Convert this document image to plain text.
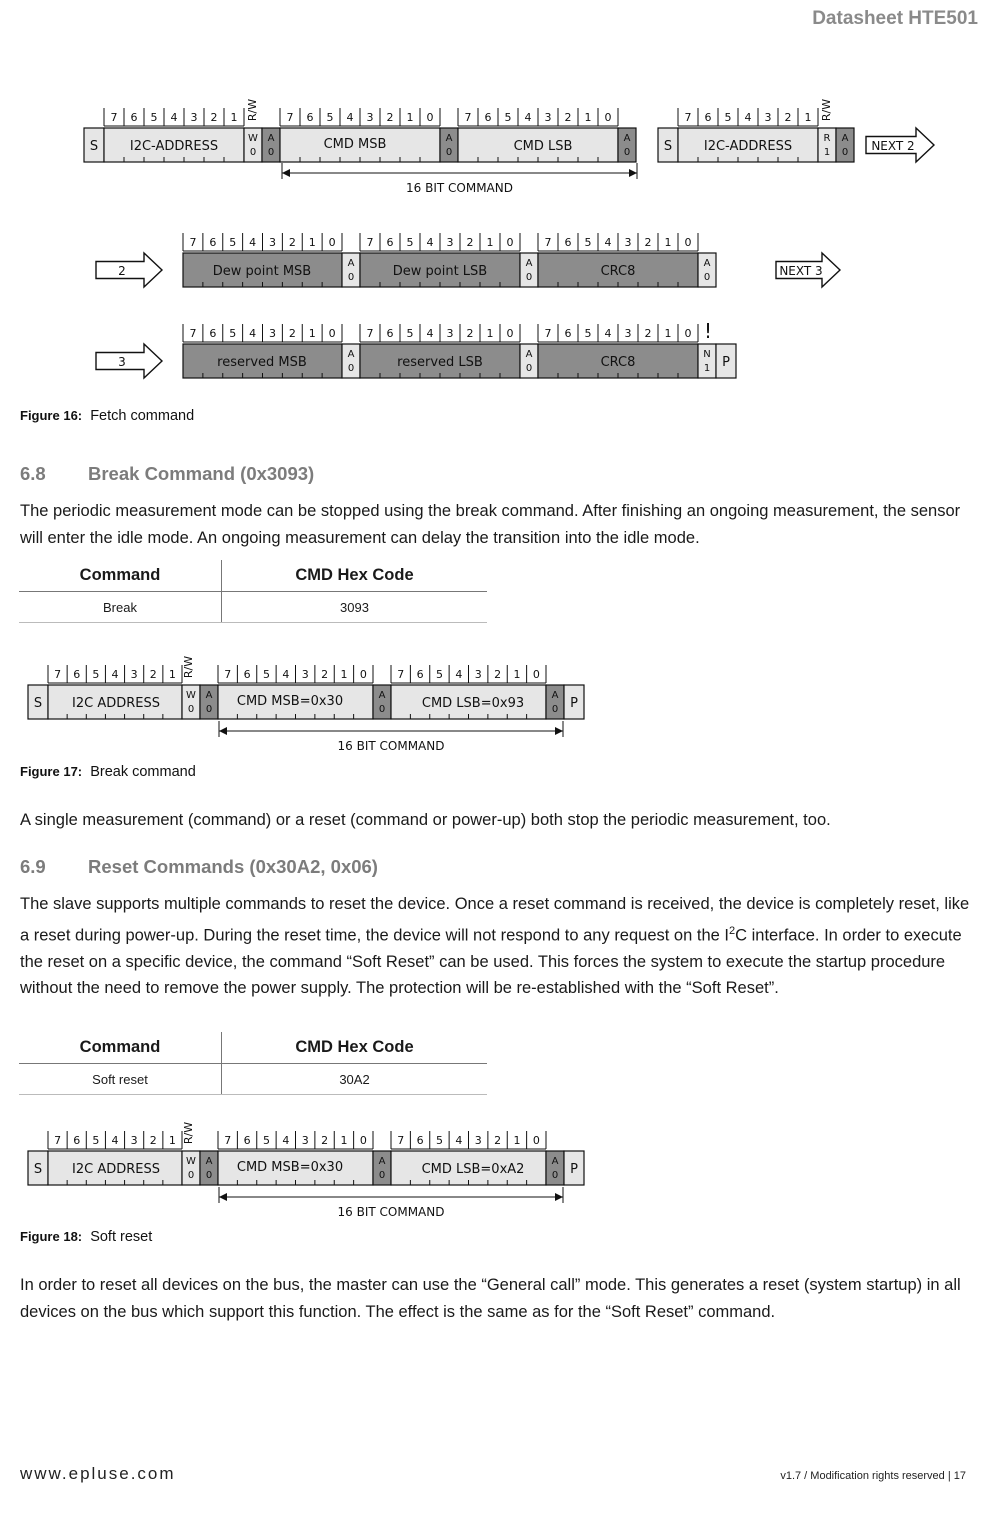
Datasheet HTE501
S I2C-ADDRESS
7 6 5 4 3 2 1 R/W
W
0
A
0
CMD MSB
7 6 5 4 3 2 1 0
A
0	CMD LSB
7 6 5 4 3 2 1 0
A
0	S I2C-ADDRESS
7 6 5 4 3 2 1 R/W
R
1
A
0 NEXT 2
16 BIT COMMAND
2	Dew point MSB
7 6 5 4 3 2 1 0
A
0	Dew point LSB
7 6 5 4 3 2 1 0
A
0	CRC8
7 6 5 4 3 2 1 0
A
0	NEXT 3
3	reserved MSB
7 6 5 4 3 2 1 0
A
0	reserved LSB
7 6 5 4 3 2 1 0
A
0	CRC8
7 6 5 4 3 2 1 0
N
1 P
!
Figure 16: Fetch command
6.8 Break Command (0x3093)
The periodic measurement mode can be stopped using the break command. After finishing an ongoing measurement, the sensor will enter the idle mode. An ongoing measurement can delay the transition into the idle mode.
Command	CMD Hex Code
Break	3093
S I2C ADDRESS
7 6 5 4 3 2 1 R/W
W
0
A
0
CMD MSB=0x30
7 6 5 4 3 2 1 0
A
0	CMD LSB=0x93
7 6 5 4 3 2 1 0
A
0 P
16 BIT COMMAND
Figure 17: Break command
A single measurement (command) or a reset (command or power-up) both stop the periodic measurement, too.
6.9 Reset Commands (0x30A2, 0x06)
The slave supports multiple commands to reset the device. Once a reset command is received, the device is completely reset, like a reset during power-up. During the reset time, the device will not respond to any request on the $I^2C$ interface. In order to execute the reset on a specific device, the command “Soft Reset” can be used. This forces the system to execute the startup procedure without the need to remove the power supply. The protection will be re-established with the “Soft Reset”.
Command	CMD Hex Code
Soft reset	30A2
S I2C ADDRESS
7 6 5 4 3 2 1 R/W
W
0
A
0
CMD MSB=0x30
7 6 5 4 3 2 1 0
A
0	CMD LSB=0xA2
7 6 5 4 3 2 1 0
A
0 P
16 BIT COMMAND
Figure 18: Soft reset
In order to reset all devices on the bus, the master can use the “General call” mode. This generates a reset (system startup) in all devices on the bus which support this function. The effect is the same as for the “Soft Reset” command.
www.epluse.com	v1.7 / Modification rights reserved | 17
